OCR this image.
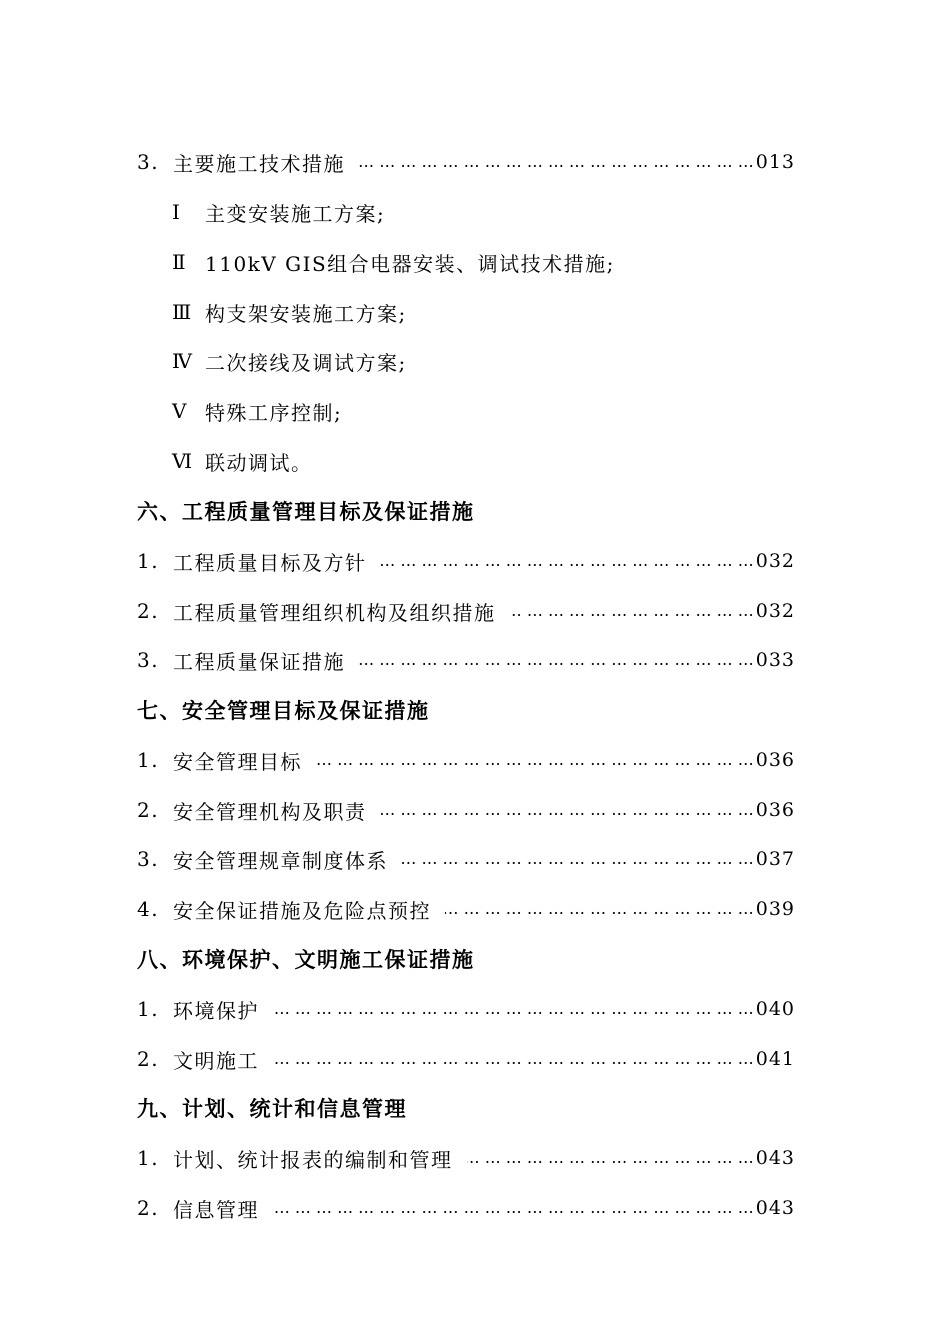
3. 主要施工技术措施 … … … … … … … … … … … … … … … … … … … … … … … … … … … … … … … … … … … … … … … … … … … … … … … … … …	013
Ⅰ	主变安装施工方案;
Ⅱ 110kV GIS组合电器安装、调试技术措施;
Ⅲ 构支架安装施工方案;
Ⅳ 二次接线及调试方案;
Ⅴ 特殊工序控制;
Ⅵ 联动调试。
六、工程质量管理目标及保证措施
1. 工程质量目标及方针 … … … … … … … … … … … … … … … … … … … … … … … … … … … … … … … … … … … … … … … … … … … … … … … … … …	032
2. 工程质量管理组织机构及组织措施 … … … … … … … … … … … … … … … … … … … … … … … … … … … … … … … … … … … … … … … … … … … … … … … … … …	032
3. 工程质量保证措施 … … … … … … … … … … … … … … … … … … … … … … … … … … … … … … … … … … … … … … … … … … … … … … … … … …	033
七、安全管理目标及保证措施
1. 安全管理目标 … … … … … … … … … … … … … … … … … … … … … … … … … … … … … … … … … … … … … … … … … … … … … … … … … …	036
2. 安全管理机构及职责 … … … … … … … … … … … … … … … … … … … … … … … … … … … … … … … … … … … … … … … … … … … … … … … … … …	036
3. 安全管理规章制度体系 … … … … … … … … … … … … … … … … … … … … … … … … … … … … … … … … … … … … … … … … … … … … … … … … … …	037
4. 安全保证措施及危险点预控 … … … … … … … … … … … … … … … … … … … … … … … … … … … … … … … … … … … … … … … … … … … … … … … … … …	039
八、环境保护、文明施工保证措施
1. 环境保护 … … … … … … … … … … … … … … … … … … … … … … … … … … … … … … … … … … … … … … … … … … … … … … … … … …	040
2. 文明施工 … … … … … … … … … … … … … … … … … … … … … … … … … … … … … … … … … … … … … … … … … … … … … … … … … …	041
九、计划、统计和信息管理
1. 计划、统计报表的编制和管理 … … … … … … … … … … … … … … … … … … … … … … … … … … … … … … … … … … … … … … … … … … … … … … … … … …	043
2. 信息管理 … … … … … … … … … … … … … … … … … … … … … … … … … … … … … … … … … … … … … … … … … … … … … … … … … …	043
